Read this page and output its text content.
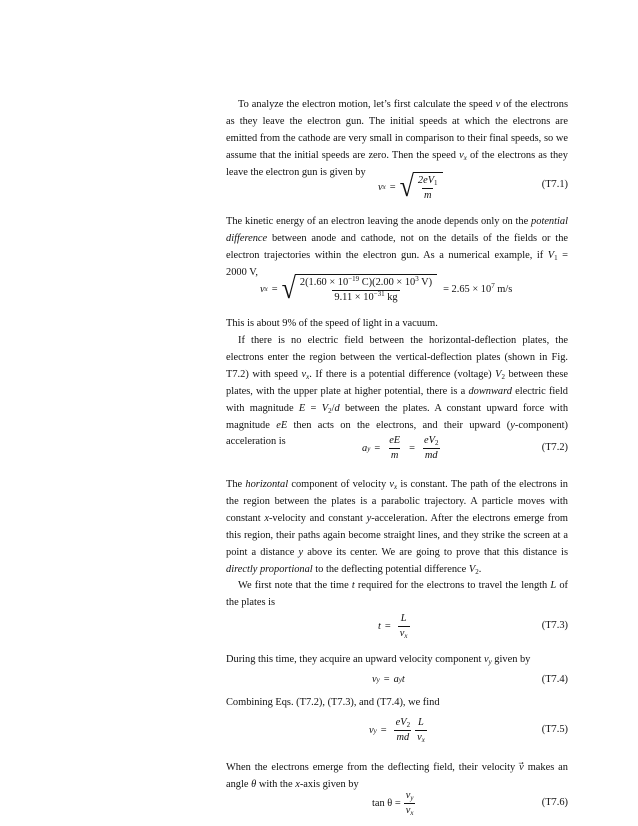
To analyze the electron motion, let’s first calculate the speed v of the electrons as they leave the electron gun. The initial speeds at which the electrons are emitted from the cathode are very small in comparison to their final speeds, so we assume that the initial speeds are zero. Then the speed $v_x$ of the electrons as they leave the electron gun is given by

v x = √ $\frac{2eV_1}{m}$	(T7.1)

The kinetic energy of an electron leaving the anode depends only on the potential difference between anode and cathode, not on the details of the fields or the electron trajectories within the electron gun. As a numerical example, if $V_1 = 2000$ V,

v x = √ $\frac{2(1.60 \times 10^{-19} C)(2.00 \times 10^3 V)}{9.11 \times 10^{-31} kg} = 2.65 \times 10^7$ m/s

This is about 9% of the speed of light in a vacuum.

If there is no electric field between the horizontal-deflection plates, the electrons enter the region between the vertical-deflection plates (shown in Fig. T7.2) with speed $v_x$. If there is a potential difference (voltage) $V_2$ between these plates, with the upper plate at higher potential, there is a downward electric field with magnitude $E = V_2/d$ between the plates. A constant upward force with magnitude eE then acts on the electrons, and their upward (y-component) acceleration is

a $y = \frac{eE}{m} = \frac{eV_2}{md}$	(T7.2)

The horizontal component of velocity $v_x$ is constant. The path of the electrons in the region between the plates is a parabolic trajectory. A particle moves with constant x-velocity and constant y-acceleration. After the electrons emerge from this region, their paths again become straight lines, and they strike the screen at a point a distance y above its center. We are going to prove that this distance is directly proportional to the deflecting potential difference $V_2$.

We first note that the time t required for the electrons to travel the length L of the plates is

$t = \frac{L}{v_x}$	(T7.3)

During this time, they acquire an upward velocity component $v_y$ given by

v y = a y t	(T7.4)

Combining Eqs. (T7.2), (T7.3), and (T7.4), we find

v $y = \frac{eV_2}{md} \frac{L}{v_x}$	(T7.5)

When the electrons emerge from the deflecting field, their velocity v⃗ makes an angle θ with the x-axis given by

$\tan \theta = \frac{v_y}{v_x}$	(T7.6)
